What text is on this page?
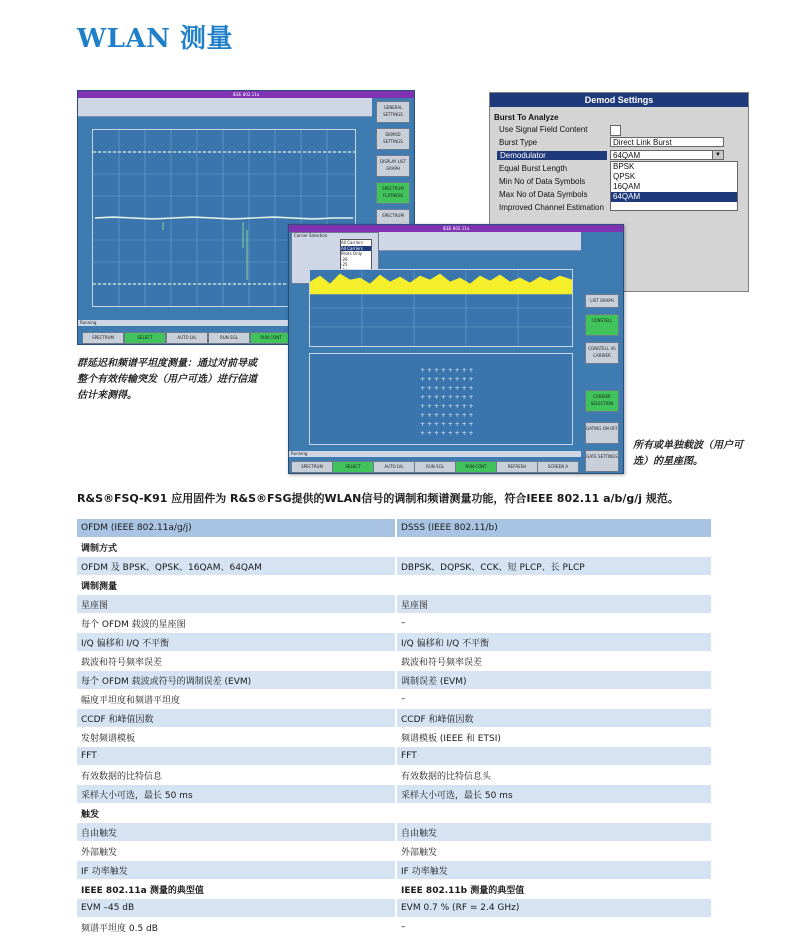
WLAN 测量
IEEE 802.11a
GENERAL SETTINGS
DEMOD SETTINGS
DISPLAY LIST GRAPH
SPECTRUM FLATNESS
SPECTRUM
Running
SPECTRUM	SELECT	AUTO LVL	RUN SGL	RUN CONT
Demod Settings
Burst To Analyze
Use Signal Field Content
Burst Type	Direct Link Burst
Demodulator	64QAM	▼
BPSK
QPSK
16QAM
64QAM
Equal Burst Length
Min No of Data Symbols
Max No of Data Symbols
Improved Channel Estimation
IEEE 802.11a
Carrier Selection
All Carriers
All Carriers
Pilots Only
-26
-25
+ + + + + + + +
+ + + + + + + +
+ + + + + + + +
+ + + + + + + +
+ + + + + + + +
+ + + + + + + +
+ + + + + + + +
+ + + + + + + +
LIST GRAPH
CONSTELL
CONSTELL VS CARRIER
CARRIER SELECTION
GATING ON OFF
GATE SETTINGS
Running
SPECTRUM	SELECT	AUTO LVL	RUN SGL	RUN CONT	REFRESH	SCREEN A
群延迟和频谱平坦度测量：通过对前导或
整个有效传输突发（用户可选）进行信道
估计来测得。
所有或单独载波（用户可
选）的星座图。
R&S®FSQ-K91 应用固件为 R&S®FSG提供的WLAN信号的调制和频谱测量功能，符合IEEE 802.11 a/b/g/j 规范。
OFDM (IEEE 802.11a/g/j)	DSSS (IEEE 802.11/b)
调制方式	
OFDM 及 BPSK、QPSK、16QAM、64QAM	DBPSK、DQPSK、CCK、短 PLCP、长 PLCP
调制测量	
星座图	星座图
每个 OFDM 载波的星座图	–
I/Q 偏移和 I/Q 不平衡	I/Q 偏移和 I/Q 不平衡
载波和符号频率误差	载波和符号频率误差
每个 OFDM 载波或符号的调制误差 (EVM)	调制误差 (EVM)
幅度平坦度和频谱平坦度	–
CCDF 和峰值因数	CCDF 和峰值因数
发射频谱模板	频谱模板 (IEEE 和 ETSI)
FFT	FFT
有效数据的比特信息	有效数据的比特信息头
采样大小可选，最长 50 ms	采样大小可选，最长 50 ms
触发	
自由触发	自由触发
外部触发	外部触发
IF 功率触发	IF 功率触发
IEEE 802.11a 测量的典型值	IEEE 802.11b 测量的典型值
EVM –45 dB	EVM 0.7 % (RF = 2.4 GHz)
频谱平坦度 0.5 dB	–
